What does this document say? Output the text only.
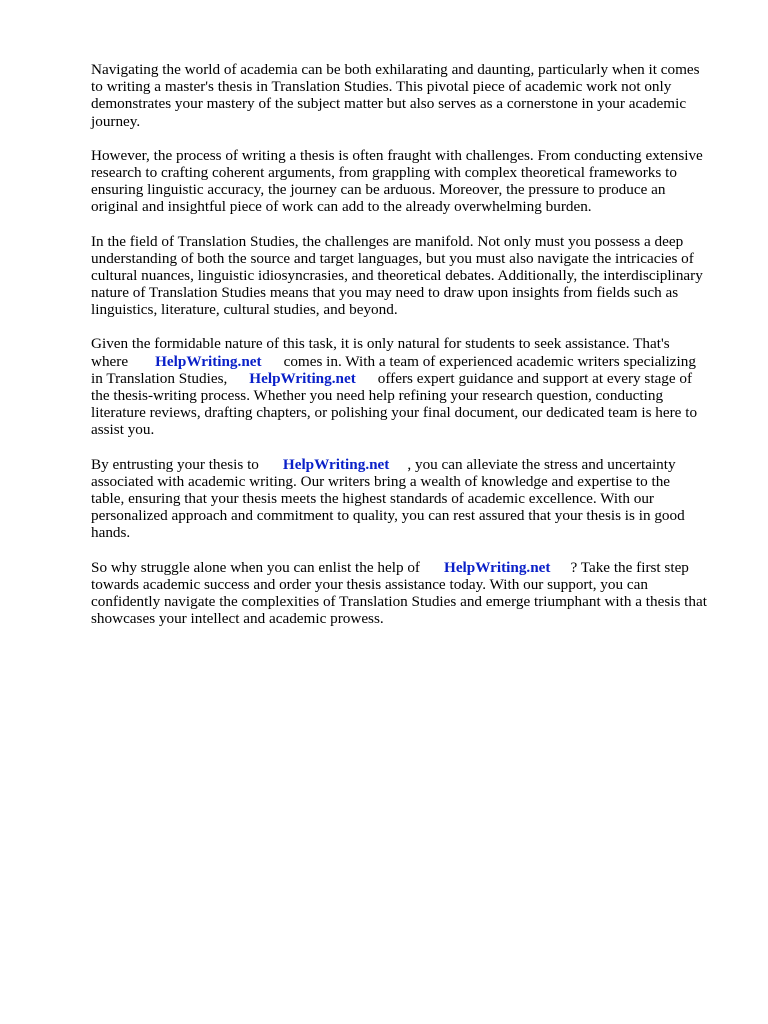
Navigating the world of academia can be both exhilarating and daunting, particularly when it comes
to writing a master's thesis in Translation Studies. This pivotal piece of academic work not only
demonstrates your mastery of the subject matter but also serves as a cornerstone in your academic
journey.

However, the process of writing a thesis is often fraught with challenges. From conducting extensive
research to crafting coherent arguments, from grappling with complex theoretical frameworks to
ensuring linguistic accuracy, the journey can be arduous. Moreover, the pressure to produce an
original and insightful piece of work can add to the already overwhelming burden.

In the field of Translation Studies, the challenges are manifold. Not only must you possess a deep
understanding of both the source and target languages, but you must also navigate the intricacies of
cultural nuances, linguistic idiosyncrasies, and theoretical debates. Additionally, the interdisciplinary
nature of Translation Studies means that you may need to draw upon insights from fields such as
linguistics, literature, cultural studies, and beyond.

Given the formidable nature of this task, it is only natural for students to seek assistance. That's
where HelpWriting.net comes in. With a team of experienced academic writers specializing
in Translation Studies, HelpWriting.net offers expert guidance and support at every stage of
the thesis-writing process. Whether you need help refining your research question, conducting
literature reviews, drafting chapters, or polishing your final document, our dedicated team is here to
assist you.

By entrusting your thesis to HelpWriting.net , you can alleviate the stress and uncertainty
associated with academic writing. Our writers bring a wealth of knowledge and expertise to the
table, ensuring that your thesis meets the highest standards of academic excellence. With our
personalized approach and commitment to quality, you can rest assured that your thesis is in good
hands.

So why struggle alone when you can enlist the help of HelpWriting.net ? Take the first step
towards academic success and order your thesis assistance today. With our support, you can
confidently navigate the complexities of Translation Studies and emerge triumphant with a thesis that
showcases your intellect and academic prowess.
